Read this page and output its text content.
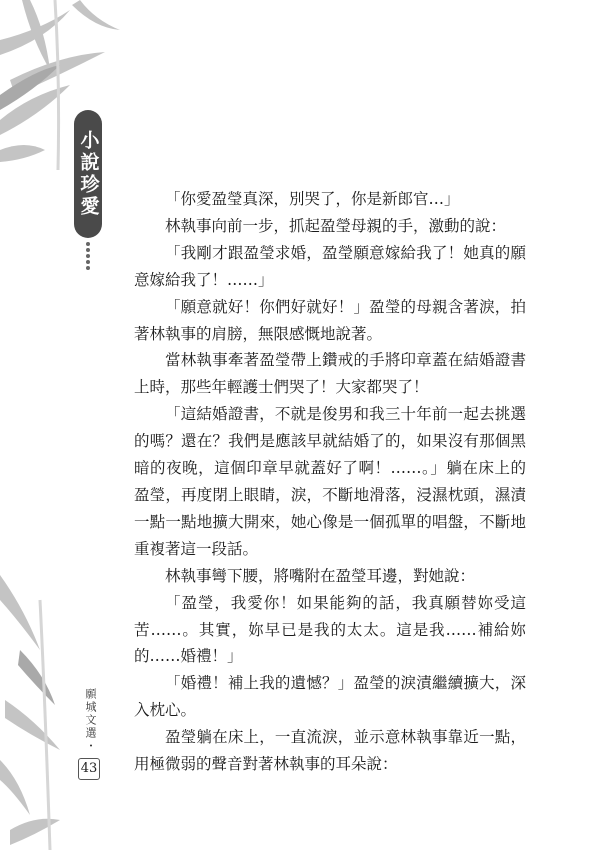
小說珍愛
願城文選・
43

「你愛盈瑩真深，別哭了，你是新郎官…」

林執事向前一步，抓起盈瑩母親的手，激動的說：

「我剛才跟盈瑩求婚，盈瑩願意嫁給我了！她真的願意嫁給我了！……」

「願意就好！你們好就好！」盈瑩的母親含著淚，拍著林執事的肩膀，無限感慨地說著。

當林執事牽著盈瑩帶上鑽戒的手將印章蓋在結婚證書上時，那些年輕護士們哭了！大家都哭了！

「這結婚證書，不就是俊男和我三十年前一起去挑選的嗎？還在？我們是應該早就結婚了的，如果沒有那個黑暗的夜晚，這個印章早就蓋好了啊！……。」躺在床上的盈瑩，再度閉上眼睛，淚，不斷地滑落，浸濕枕頭，濕漬一點一點地擴大開來，她心像是一個孤單的唱盤，不斷地重複著這一段話。

林執事彎下腰，將嘴附在盈瑩耳邊，對她說：

「盈瑩，我愛你！如果能夠的話，我真願替妳受這苦……。其實，妳早已是我的太太。這是我……補給妳的……婚禮！」

「婚禮！補上我的遺憾？」盈瑩的淚漬繼續擴大，深入枕心。

盈瑩躺在床上，一直流淚，並示意林執事靠近一點，用極微弱的聲音對著林執事的耳朵說：
